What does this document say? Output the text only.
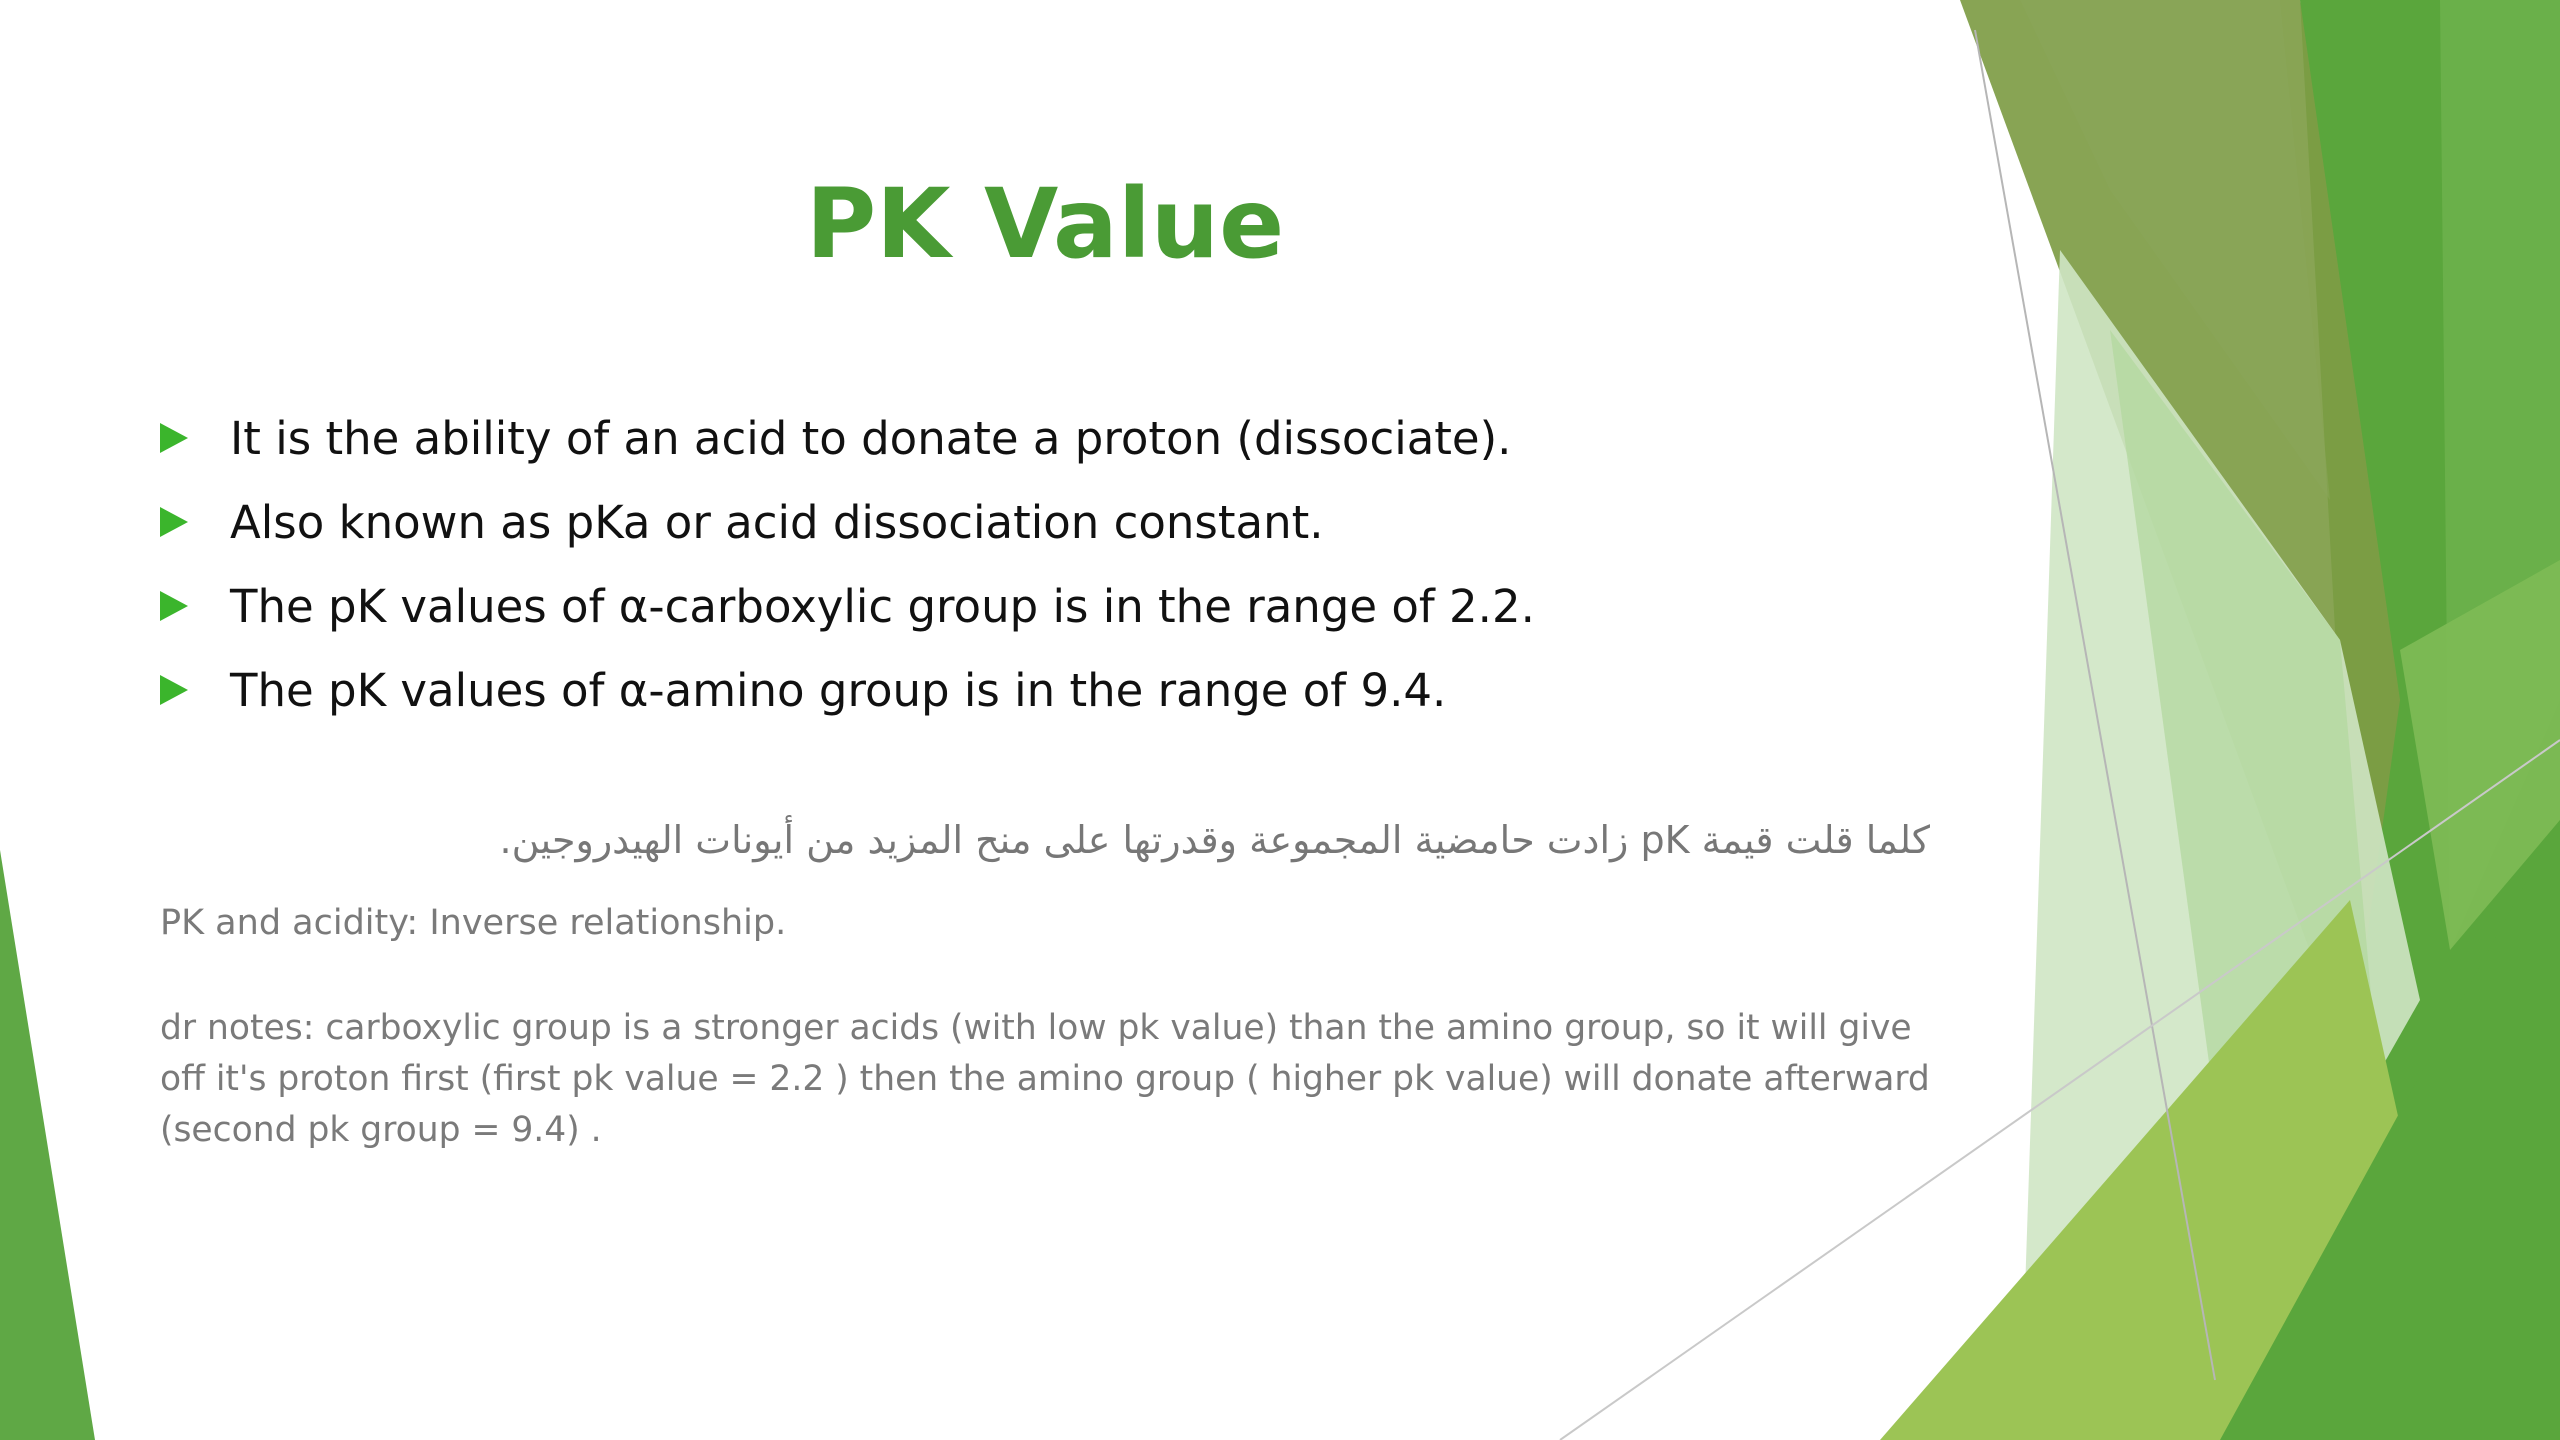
PK Value
It is the ability of an acid to donate a proton (dissociate).
Also known as pKa or acid dissociation constant.
The pK values of α-carboxylic group is in the range of 2.2.
The pK values of α-amino group is in the range of 9.4.
كلما قلت قيمة pK زادت حامضية المجموعة وقدرتها على منح المزيد من أيونات الهيدروجين.
PK and acidity: Inverse relationship.
dr notes: carboxylic group is a stronger acids (with low pk value) than the amino group, so it will give off it's proton first (first pk value = 2.2 ) then the amino group ( higher pk value) will donate afterward (second pk group = 9.4) .
